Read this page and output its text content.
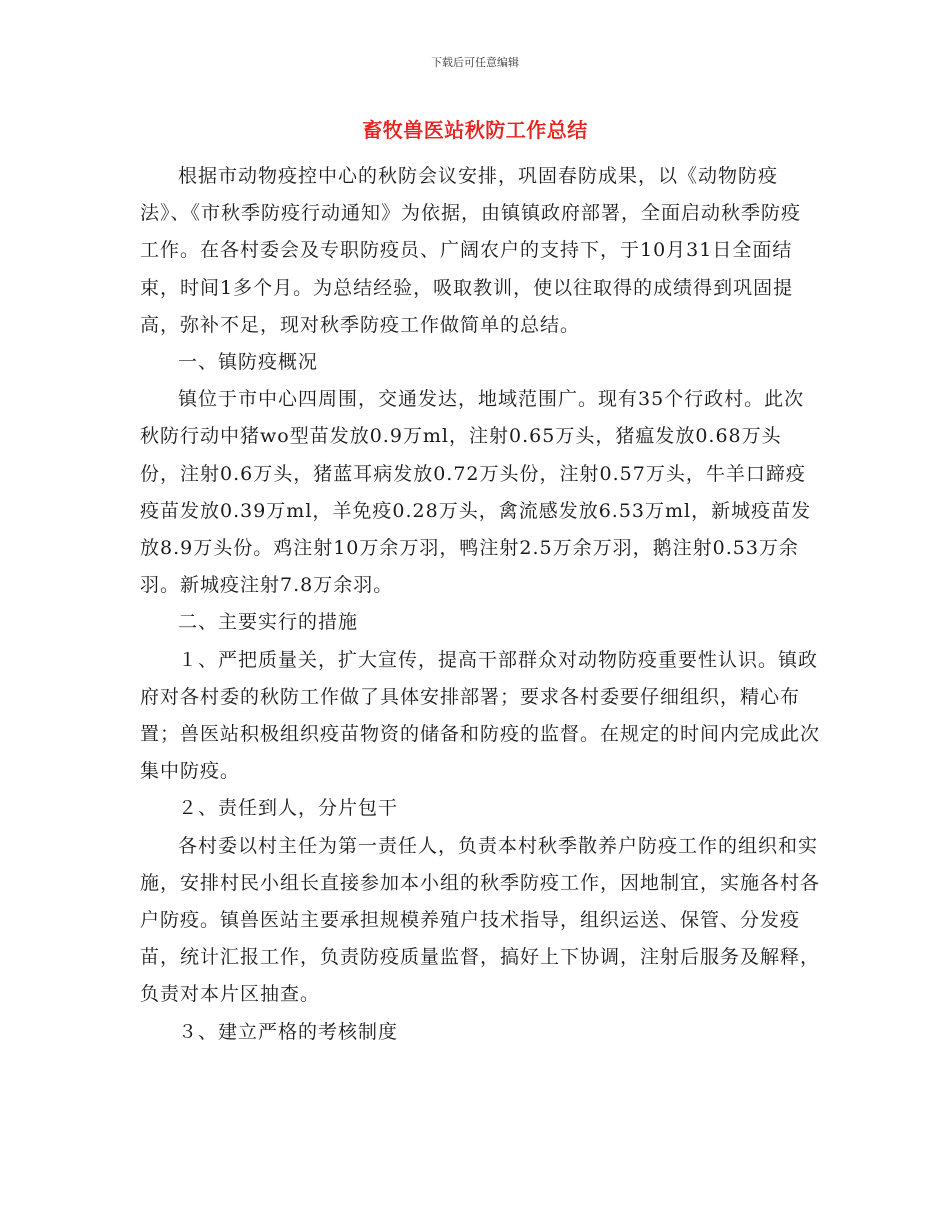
下载后可任意编辑
畜牧兽医站秋防工作总结

根据市动物疫控中心的秋防会议安排，巩固春防成果，以《动物防疫法》、《市秋季防疫行动通知》为依据，由镇镇政府部署，全面启动秋季防疫工作。在各村委会及专职防疫员、广阔农户的支持下，于10月31日全面结束，时间1多个月。为总结经验，吸取教训，使以往取得的成绩得到巩固提高，弥补不足，现对秋季防疫工作做简单的总结。

一、镇防疫概况

镇位于市中心四周围，交通发达，地域范围广。现有35个行政村。此次秋防行动中猪wo型苗发放0.9万ml，注射0.65万头，猪瘟发放0.68万头份，注射0.6万头，猪蓝耳病发放0.72万头份，注射0.57万头，牛羊口蹄疫疫苗发放0.39万ml，羊免疫0.28万头，禽流感发放6.53万ml，新城疫苗发放8.9万头份。鸡注射10万余万羽，鸭注射2.5万余万羽，鹅注射0.53万余羽。新城疫注射7.8万余羽。

二、主要实行的措施

１、严把质量关，扩大宣传，提高干部群众对动物防疫重要性认识。镇政府对各村委的秋防工作做了具体安排部署；要求各村委要仔细组织，精心布置；兽医站积极组织疫苗物资的储备和防疫的监督。在规定的时间内完成此次集中防疫。

２、责任到人，分片包干

各村委以村主任为第一责任人，负责本村秋季散养户防疫工作的组织和实施，安排村民小组长直接参加本小组的秋季防疫工作，因地制宜，实施各村各户防疫。镇兽医站主要承担规模养殖户技术指导，组织运送、保管、分发疫苗，统计汇报工作，负责防疫质量监督，搞好上下协调，注射后服务及解释，负责对本片区抽查。

３、建立严格的考核制度
